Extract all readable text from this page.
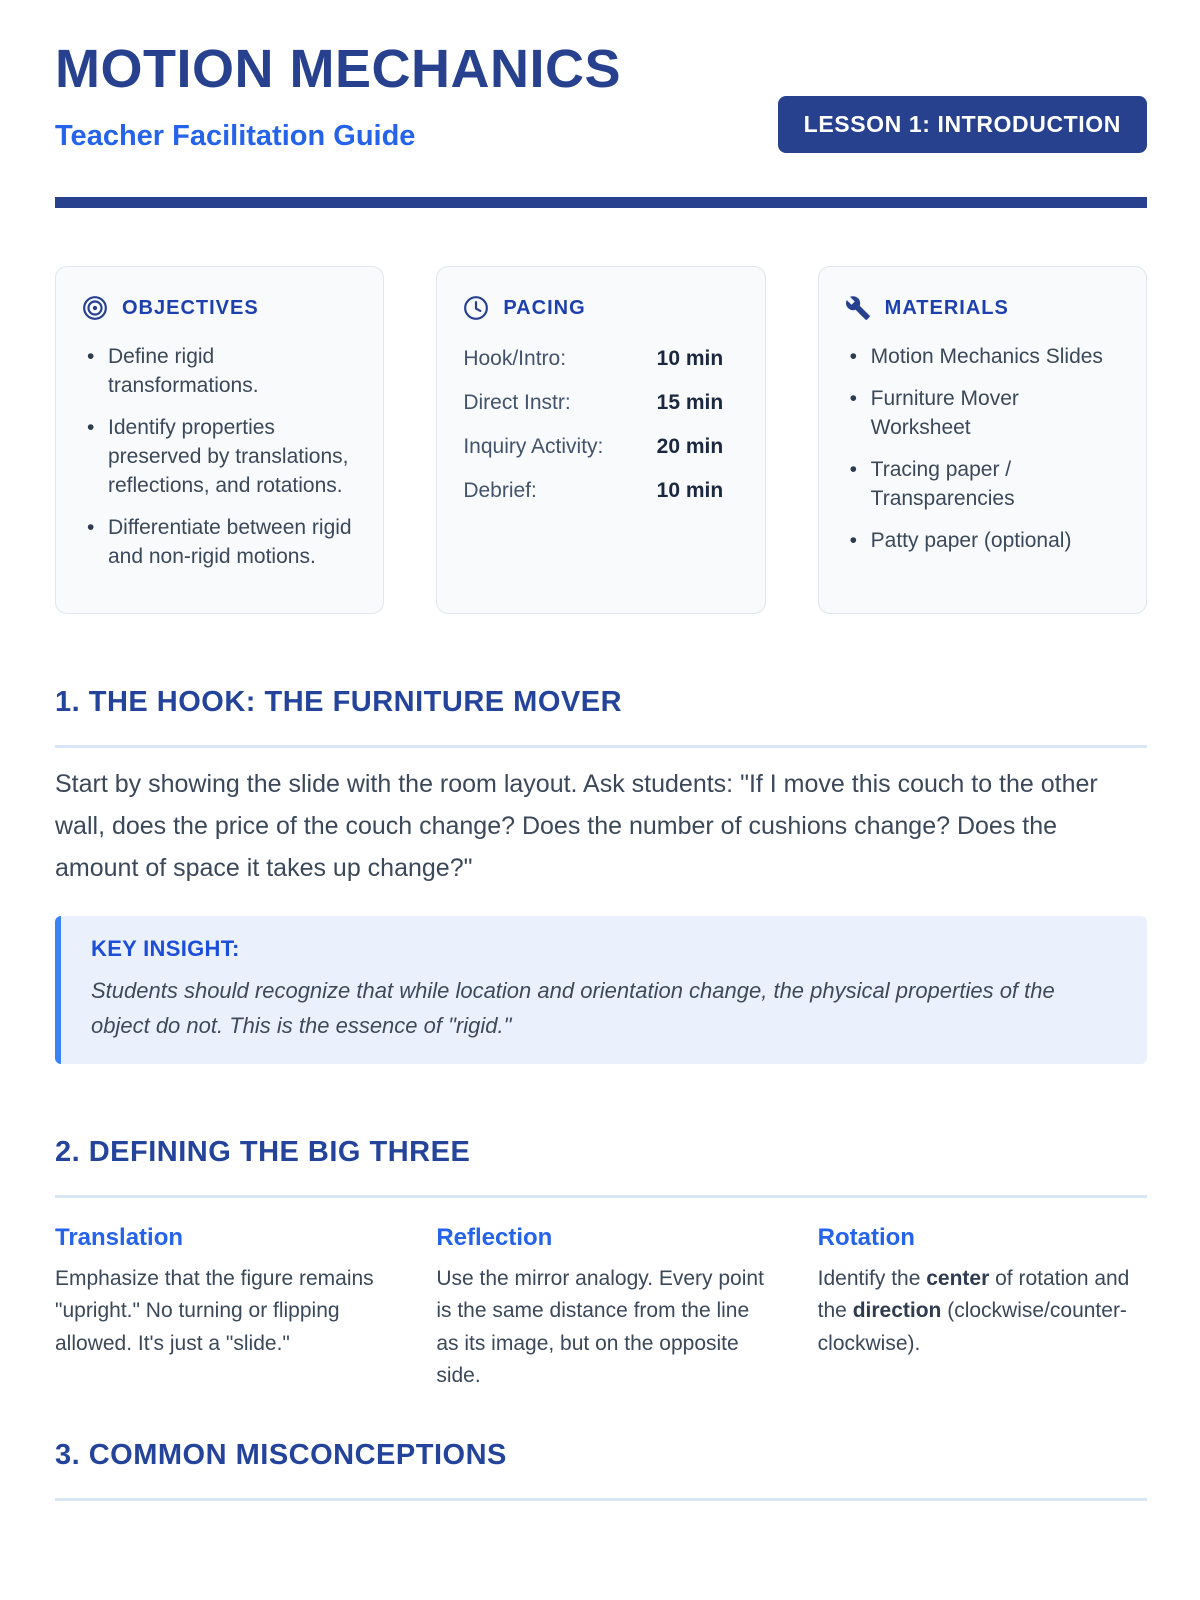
MOTION MECHANICS
Teacher Facilitation Guide	LESSON 1: INTRODUCTION
OBJECTIVES
• Define rigid transformations.
• Identify properties preserved by translations, reflections, and rotations.
• Differentiate between rigid and non-rigid motions.
PACING
Hook/Intro:	10 min
Direct Instr:	15 min
Inquiry Activity:	20 min
Debrief:	10 min
MATERIALS
• Motion Mechanics Slides
• Furniture Mover Worksheet
• Tracing paper / Transparencies
• Patty paper (optional)
1. THE HOOK: THE FURNITURE MOVER

Start by showing the slide with the room layout. Ask students: "If I move this couch to the other wall, does the price of the couch change? Does the number of cushions change? Does the amount of space it takes up change?"

KEY INSIGHT:
Students should recognize that while location and orientation change, the physical properties of the object do not. This is the essence of "rigid."
2. DEFINING THE BIG THREE
Translation
Emphasize that the figure remains "upright." No turning or flipping allowed. It's just a "slide."
Reflection
Use the mirror analogy. Every point is the same distance from the line as its image, but on the opposite side.
Rotation
Identify the center of rotation and the direction (clockwise/counter-clockwise).
3. COMMON MISCONCEPTIONS
